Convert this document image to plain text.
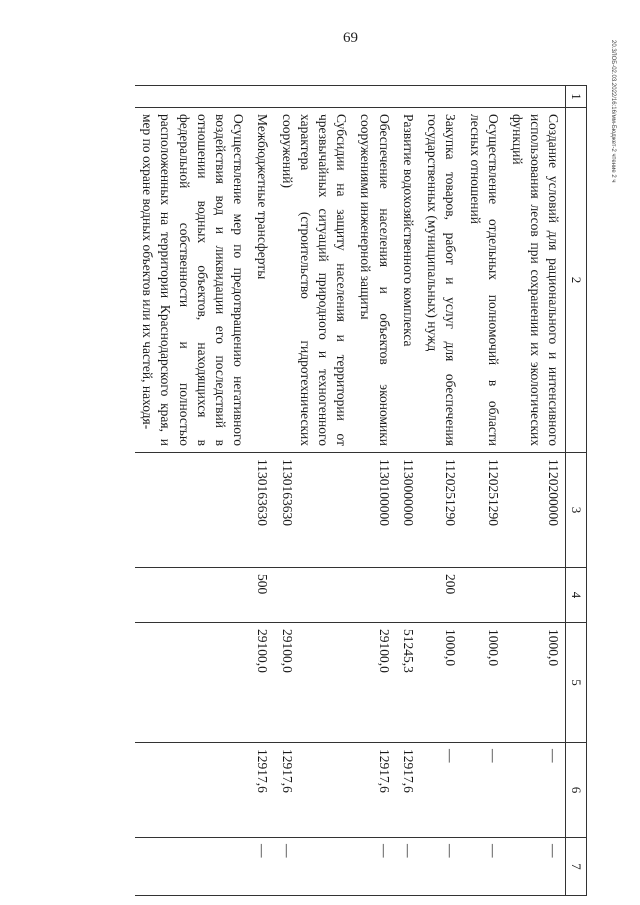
69
20.3ЛОБ-02.03.2022/16:16/мм-Бюджет-2 чтение 2 ч
1	2	3	4	5	6	7
	Создание условий для рационального и интенсивного использования лесов при сохранении их экологических функций	1120200000		1000,0	—	—
	Осуществление отдельных полномочий в области лесных отношений	1120251290		1000,0	—	—
	Закупка товаров, работ и услуг для обеспечения государственных (муниципальных) нужд	1120251290	200	1000,0	—	—
	Развитие водохозяйственного комплекса	1130000000		51245,3	12917,6	—
	Обеспечение населения и объектов экономики сооружениями инженерной защиты	1130100000		29100,0	12917,6	—
	Субсидии на защиту населения и территории от чрезвычайных ситуаций природного и техногенного характера (строительство гидротехнических сооружений)	1130163630		29100,0	12917,6	—
	Межбюджетные трансферты	1130163630	500	29100,0	12917,6	—
	Осуществление мер по предотвращению негативного воздействия вод и ликвидации его последствий в отношении водных объектов, находящихся в федеральной собственности и полностью расположенных на территории Краснодарского края, и мер по охране водных объектов или их частей, находя-					
